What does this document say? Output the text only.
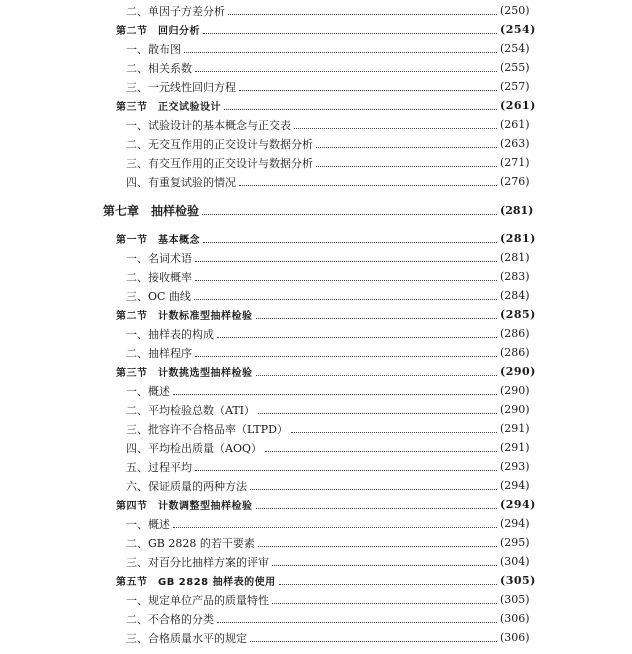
二、单因子方差分析	(250)
第二节　回归分析	(254)
一、散布图	(254)
二、相关系数	(255)
三、一元线性回归方程	(257)
第三节　正交试验设计	(261)
一、试验设计的基本概念与正交表	(261)
二、无交互作用的正交设计与数据分析	(263)
三、有交互作用的正交设计与数据分析	(271)
四、有重复试验的情况	(276)
第七章　抽样检验	(281)
第一节　基本概念	(281)
一、名词术语	(281)
二、接收概率	(283)
三、OC 曲线	(284)
第二节　计数标准型抽样检验	(285)
一、抽样表的构成	(286)
二、抽样程序	(286)
第三节　计数挑选型抽样检验	(290)
一、概述	(290)
二、平均检验总数（ATI）	(290)
三、批容许不合格品率（LTPD）	(291)
四、平均检出质量（AOQ）	(291)
五、过程平均	(293)
六、保证质量的两种方法	(294)
第四节　计数调整型抽样检验	(294)
一、概述	(294)
二、GB 2828 的若干要素	(295)
三、对百分比抽样方案的评审	(304)
第五节　GB 2828 抽样表的使用	(305)
一、规定单位产品的质量特性	(305)
二、不合格的分类	(306)
三、合格质量水平的规定	(306)
